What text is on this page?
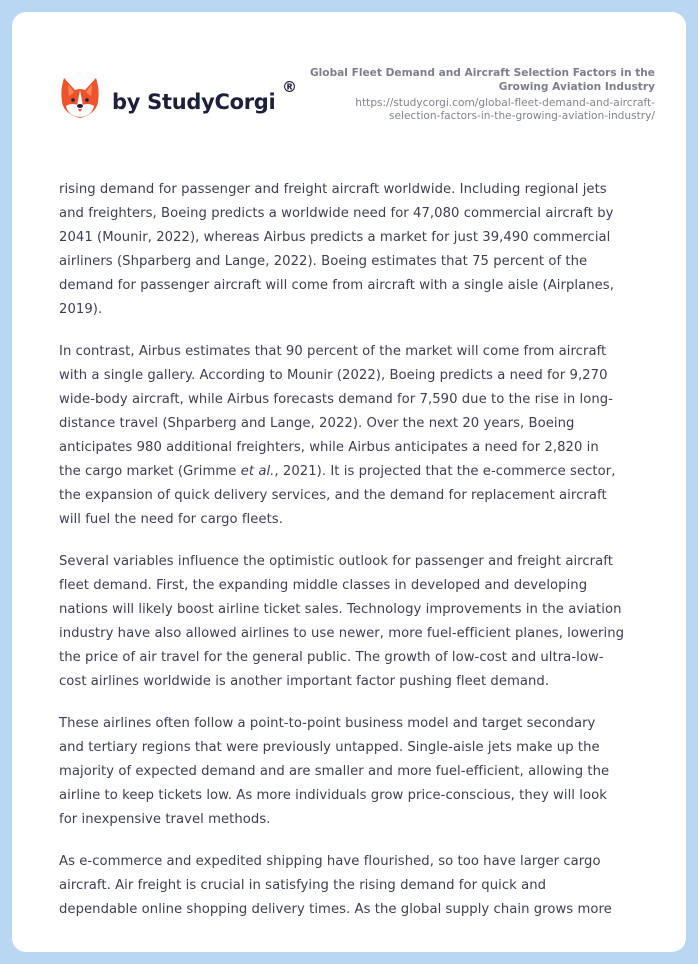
by StudyCorgi
®
Global Fleet Demand and Aircraft Selection Factors in the
Growing Aviation Industry
https://studycorgi.com/global-fleet-demand-and-aircraft-
selection-factors-in-the-growing-aviation-industry/

rising demand for passenger and freight aircraft worldwide. Including regional jets
and freighters, Boeing predicts a worldwide need for 47,080 commercial aircraft by
2041 (Mounir, 2022), whereas Airbus predicts a market for just 39,490 commercial
airliners (Shparberg and Lange, 2022). Boeing estimates that 75 percent of the
demand for passenger aircraft will come from aircraft with a single aisle (Airplanes,
2019).

In contrast, Airbus estimates that 90 percent of the market will come from aircraft
with a single gallery. According to Mounir (2022), Boeing predicts a need for 9,270
wide-body aircraft, while Airbus forecasts demand for 7,590 due to the rise in long-
distance travel (Shparberg and Lange, 2022). Over the next 20 years, Boeing
anticipates 980 additional freighters, while Airbus anticipates a need for 2,820 in
the cargo market (Grimme et al., 2021). It is projected that the e-commerce sector,
the expansion of quick delivery services, and the demand for replacement aircraft
will fuel the need for cargo fleets.

Several variables influence the optimistic outlook for passenger and freight aircraft
fleet demand. First, the expanding middle classes in developed and developing
nations will likely boost airline ticket sales. Technology improvements in the aviation
industry have also allowed airlines to use newer, more fuel-efficient planes, lowering
the price of air travel for the general public. The growth of low-cost and ultra-low-
cost airlines worldwide is another important factor pushing fleet demand.

These airlines often follow a point-to-point business model and target secondary
and tertiary regions that were previously untapped. Single-aisle jets make up the
majority of expected demand and are smaller and more fuel-efficient, allowing the
airline to keep tickets low. As more individuals grow price-conscious, they will look
for inexpensive travel methods.

As e-commerce and expedited shipping have flourished, so too have larger cargo
aircraft. Air freight is crucial in satisfying the rising demand for quick and
dependable online shopping delivery times. As the global supply chain grows more
